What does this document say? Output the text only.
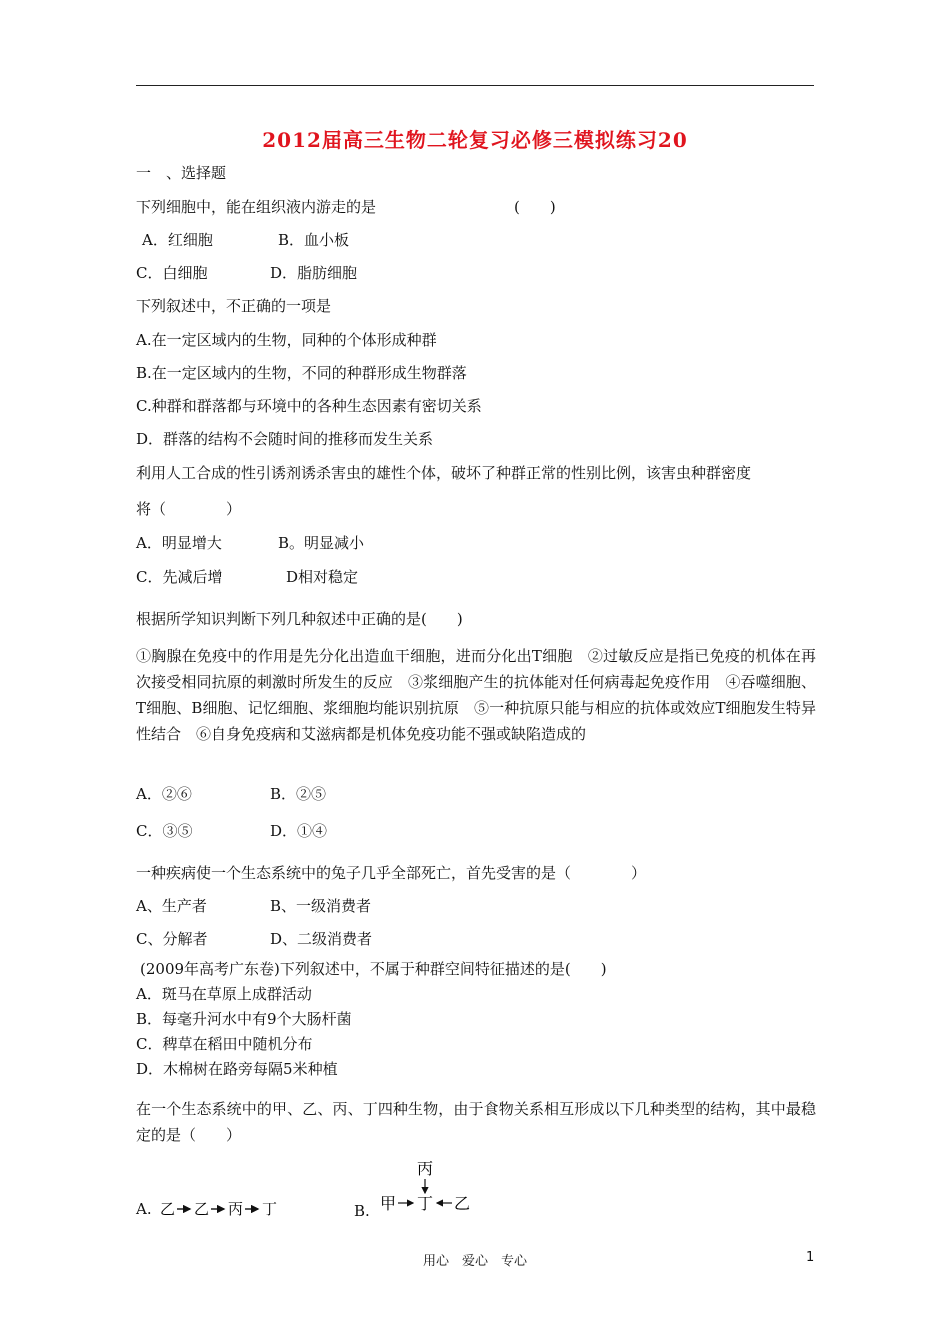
2012届高三生物二轮复习必修三模拟练习20
一　、选择题
下列细胞中，能在组织液内游走的是	(　　)
A．红细胞	B．血小板
C．白细胞	D．脂肪细胞
下列叙述中，不正确的一项是
A.在一定区域内的生物，同种的个体形成种群
B.在一定区域内的生物，不同的种群形成生物群落
C.种群和群落都与环境中的各种生态因素有密切关系
D．群落的结构不会随时间的推移而发生关系
利用人工合成的性引诱剂诱杀害虫的雄性个体，破坏了种群正常的性别比例，该害虫种群密度
将（　　　　）
A．明显增大	B。明显减小
C．先减后增	D相对稳定
根据所学知识判断下列几种叙述中正确的是(　　)
①胸腺在免疫中的作用是先分化出造血干细胞，进而分化出T细胞　②过敏反应是指已免疫的机体在再次接受相同抗原的刺激时所发生的反应　③浆细胞产生的抗体能对任何病毒起免疫作用　④吞噬细胞、T细胞、B细胞、记忆细胞、浆细胞均能识别抗原　⑤一种抗原只能与相应的抗体或效应T细胞发生特异性结合　⑥自身免疫病和艾滋病都是机体免疫功能不强或缺陷造成的
A．②⑥	B．②⑤
C．③⑤	D．①④
一种疾病使一个生态系统中的兔子几乎全部死亡，首先受害的是（　　　　）
A、生产者	B、一级消费者
C、分解者	D、二级消费者
(2009年高考广东卷)下列叙述中，不属于种群空间特征描述的是(　　)
A．斑马在草原上成群活动
B．每毫升河水中有9个大肠杆菌
C．稗草在稻田中随机分布
D．木棉树在路旁每隔5米种植
在一个生态系统中的甲、乙、丙、丁四种生物，由于食物关系相互形成以下几种类型的结构，其中最稳定的是（　　）
A. 乙 乙 丙 丁	B.
丙
甲 丁 乙
用心　爱心　专心	1
